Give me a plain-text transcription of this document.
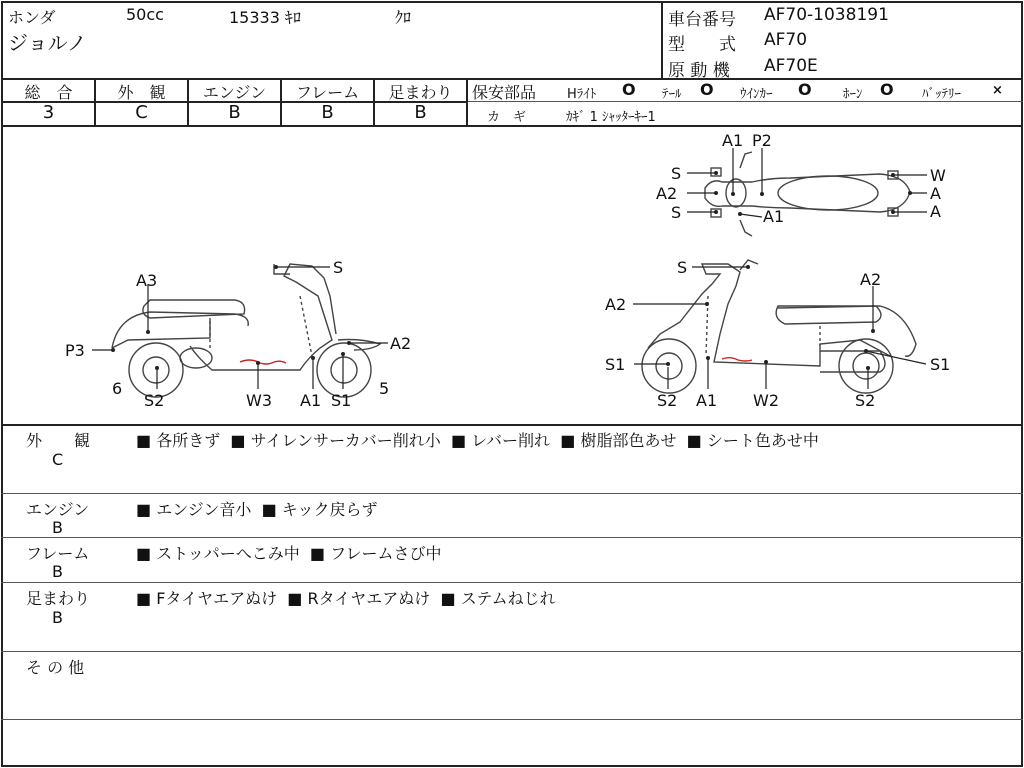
ホンダ	50cc	15333 ｷﾛ	ｸﾛ
ジョルノ
車台番号 AF70-1038191
型　　式 AF70
原 動 機 AF70E
総　合	外　観	エンジン	フレーム	足まわり
3	C	B	B	B
保安部品 Hﾗｲﾄ O ﾃｰﾙ O ｳｲﾝｶｰ O ﾎｰﾝ O ﾊﾞｯﾃﾘｰ ×
カ　ギ	ｶｷﾞ 1 ｼｬｯﾀｰｷｰ1
A1 P2
S
A2
S	A1
W
A
A
S
A3
A2
P3
6
S2	W3 A1 S1
5
S
A2
A2
S1	S1
S2 A1 W2	S2
外　　観
C
■ 各所きず  ■ サイレンサーカバー削れ小  ■ レバー削れ  ■ 樹脂部色あせ  ■ シート色あせ中
エンジン
B
■ エンジン音小  ■ キック戻らず
フレーム
B
■ ストッパーへこみ中  ■ フレームさび中
足まわり
B
■ Fタイヤエアぬけ  ■ Rタイヤエアぬけ  ■ ステムねじれ
そ の 他
